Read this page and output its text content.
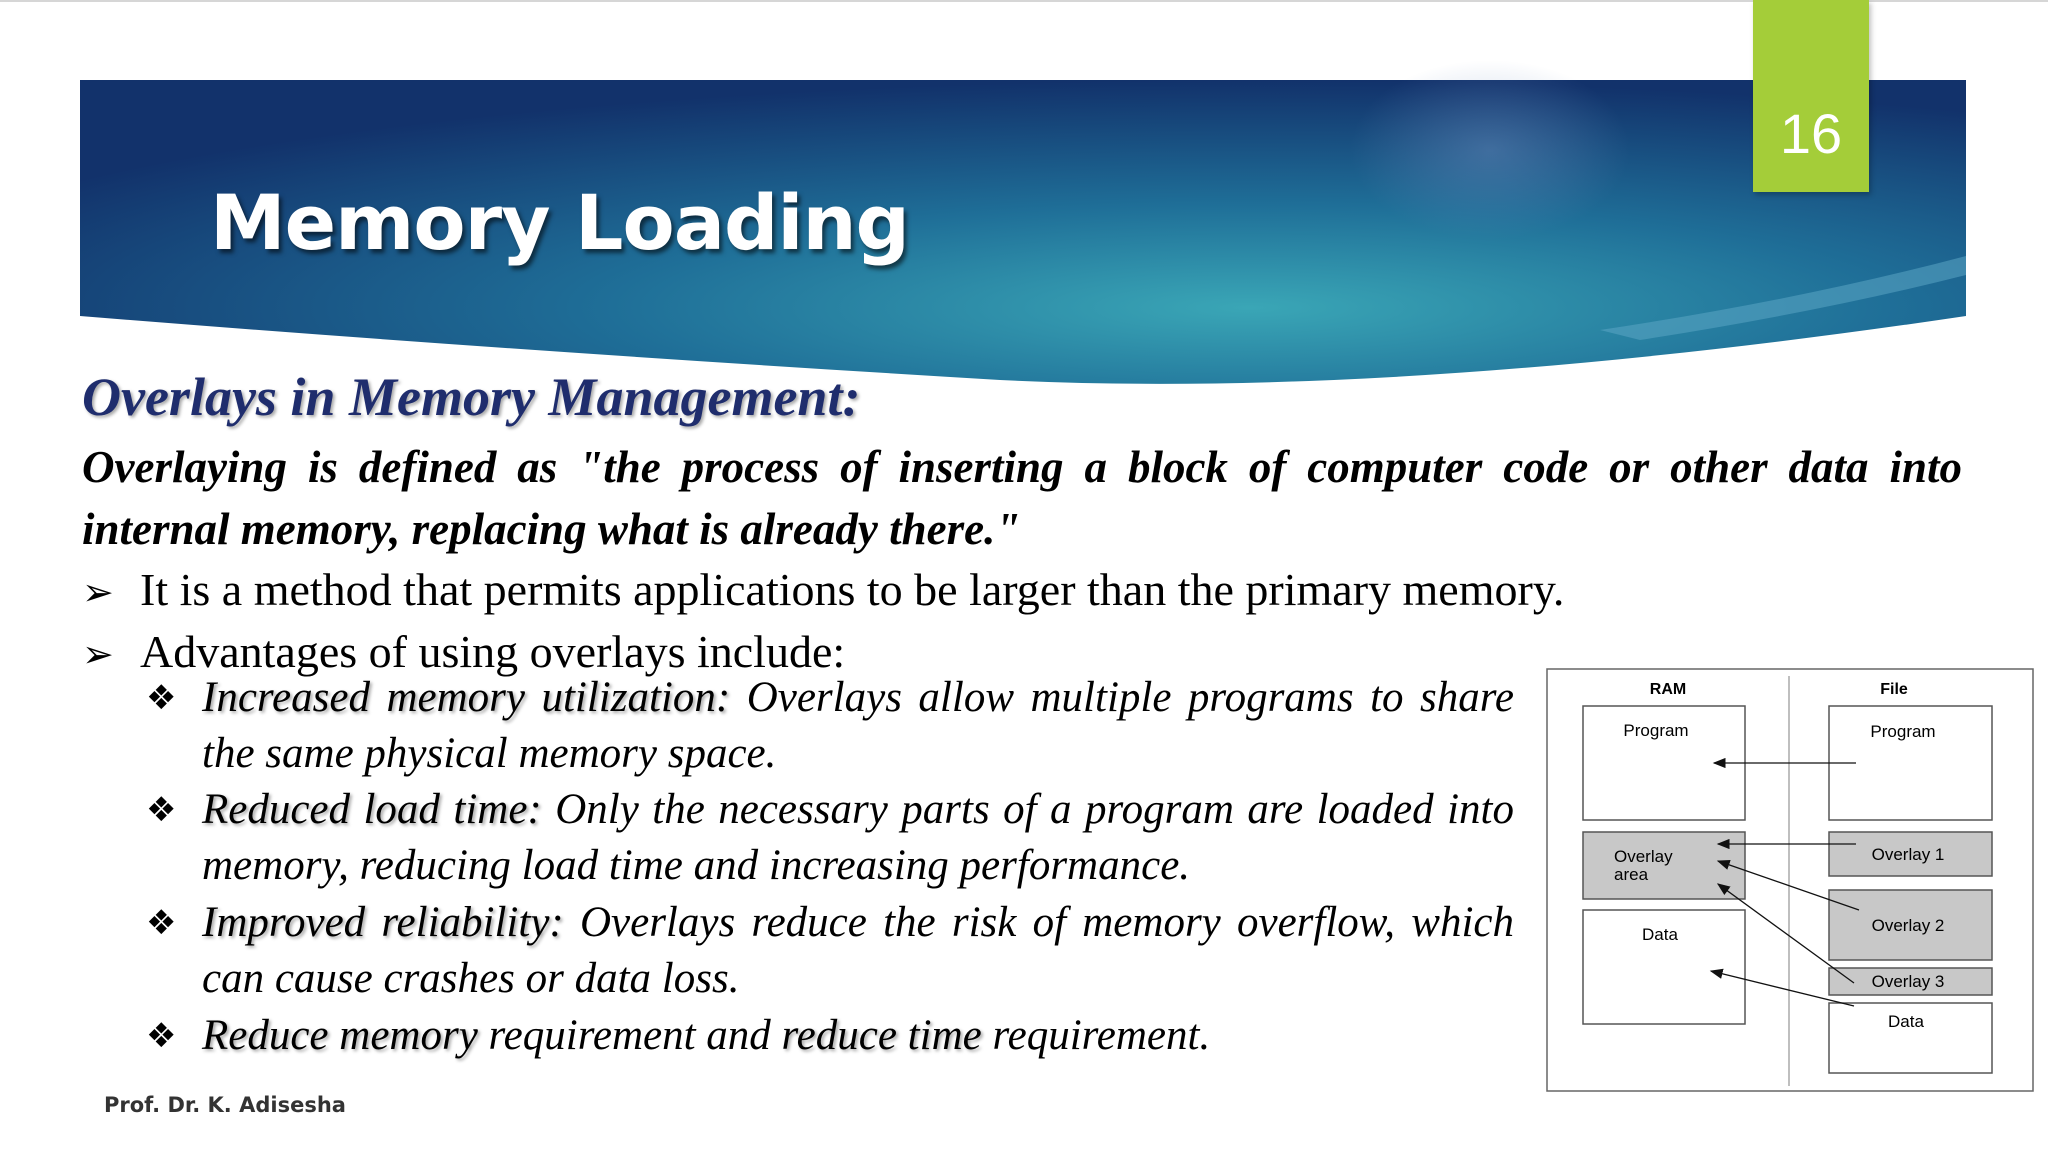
16
Memory Loading
Overlays in Memory Management:

Overlaying is defined as "the process of inserting a block of computer code or other data into internal memory, replacing what is already there."

➢ It is a method that permits applications to be larger than the primary memory.

➢ Advantages of using overlays include:

❖ Increased memory utilization: Overlays allow multiple programs to share the same physical memory space.

❖ Reduced load time: Only the necessary parts of a program are loaded into memory, reducing load time and increasing performance.

❖ Improved reliability: Overlays reduce the risk of memory overflow, which can cause crashes or data loss.

❖ Reduce memory requirement and reduce time requirement.

Prof. Dr. K. Adisesha
RAM	File
Program
Overlay
area
Data
Program
Overlay 1
Overlay 2
Overlay 3
Data
